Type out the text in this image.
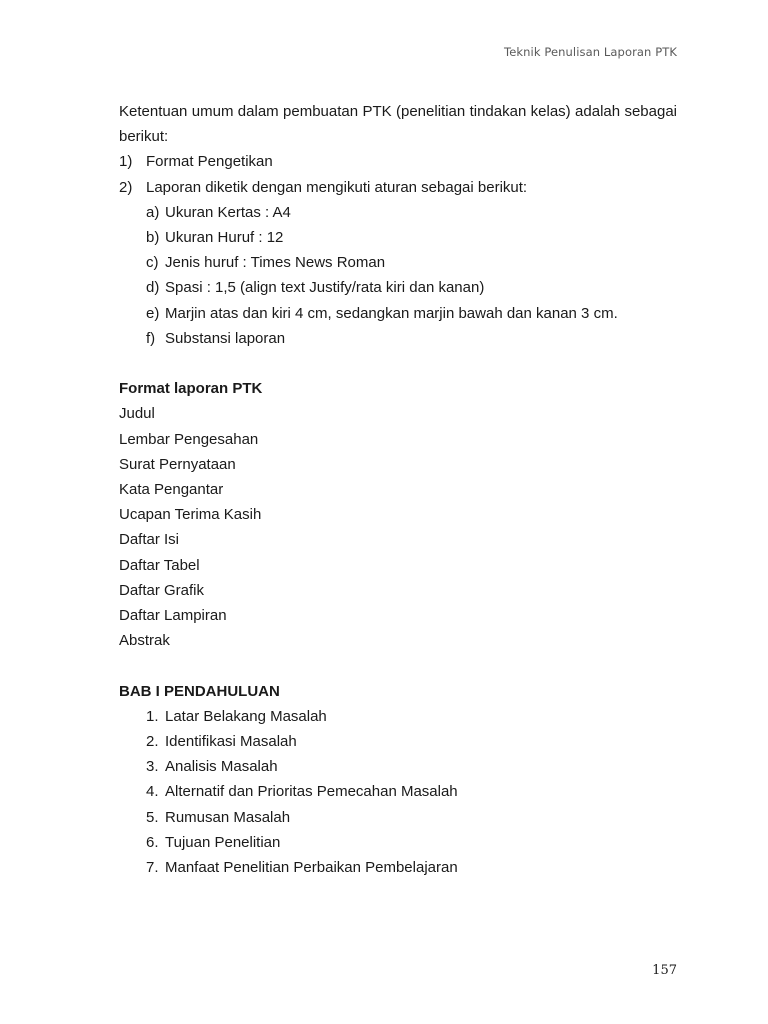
Teknik Penulisan Laporan PTK

Ketentuan umum dalam pembuatan PTK (penelitian tindakan kelas) adalah sebagai berikut:

1) Format Pengetikan
2) Laporan diketik dengan mengikuti aturan sebagai berikut:
a) Ukuran Kertas : A4
b) Ukuran Huruf : 12
c) Jenis huruf : Times News Roman
d) Spasi : 1,5 (align text Justify/rata kiri dan kanan)
e) Marjin atas dan kiri 4 cm, sedangkan marjin bawah dan kanan 3 cm.
f) Substansi laporan
Format laporan PTK
Judul
Lembar Pengesahan
Surat Pernyataan
Kata Pengantar
Ucapan Terima Kasih
Daftar Isi
Daftar Tabel
Daftar Grafik
Daftar Lampiran
Abstrak
BAB I PENDAHULUAN
1. Latar Belakang Masalah
2. Identifikasi Masalah
3. Analisis Masalah
4. Alternatif dan Prioritas Pemecahan Masalah
5. Rumusan Masalah
6. Tujuan Penelitian
7. Manfaat Penelitian Perbaikan Pembelajaran
157
